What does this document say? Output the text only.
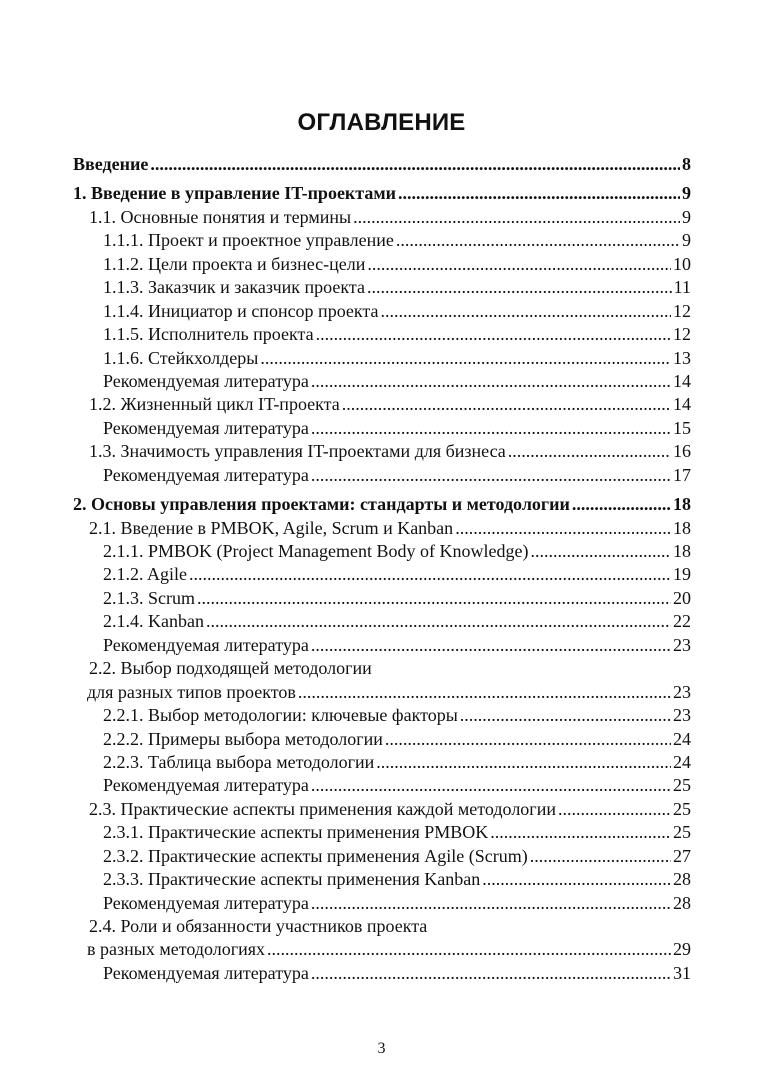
ОГЛАВЛЕНИЕ
Введение .....	8
1. Введение в управление IT-проектами .....	9
1.1. Основные понятия и термины .....	9
1.1.1. Проект и проектное управление .....	9
1.1.2. Цели проекта и бизнес-цели .....	10
1.1.3. Заказчик и заказчик проекта .....	11
1.1.4. Инициатор и спонсор проекта .....	12
1.1.5. Исполнитель проекта .....	12
1.1.6. Стейкхолдеры .....	13
Рекомендуемая литература .....	14
1.2. Жизненный цикл IT-проекта .....	14
Рекомендуемая литература .....	15
1.3. Значимость управления IT-проектами для бизнеса .....	16
Рекомендуемая литература .....	17
2. Основы управления проектами: стандарты и методологии .....	18
2.1. Введение в PMBOK, Agile, Scrum и Kanban .....	18
2.1.1. PMBOK (Project Management Body of Knowledge) .....	18
2.1.2. Agile .....	19
2.1.3. Scrum .....	20
2.1.4. Kanban .....	22
Рекомендуемая литература .....	23
2.2. Выбор подходящей методологии
для разных типов проектов .....	23
2.2.1. Выбор методологии: ключевые факторы .....	23
2.2.2. Примеры выбора методологии .....	24
2.2.3. Таблица выбора методологии .....	24
Рекомендуемая литература .....	25
2.3. Практические аспекты применения каждой методологии .....	25
2.3.1. Практические аспекты применения PMBOK .....	25
2.3.2. Практические аспекты применения Agile (Scrum) .....	27
2.3.3. Практические аспекты применения Kanban .....	28
Рекомендуемая литература .....	28
2.4. Роли и обязанности участников проекта
в разных методологиях .....	29
Рекомендуемая литература .....	31
3
